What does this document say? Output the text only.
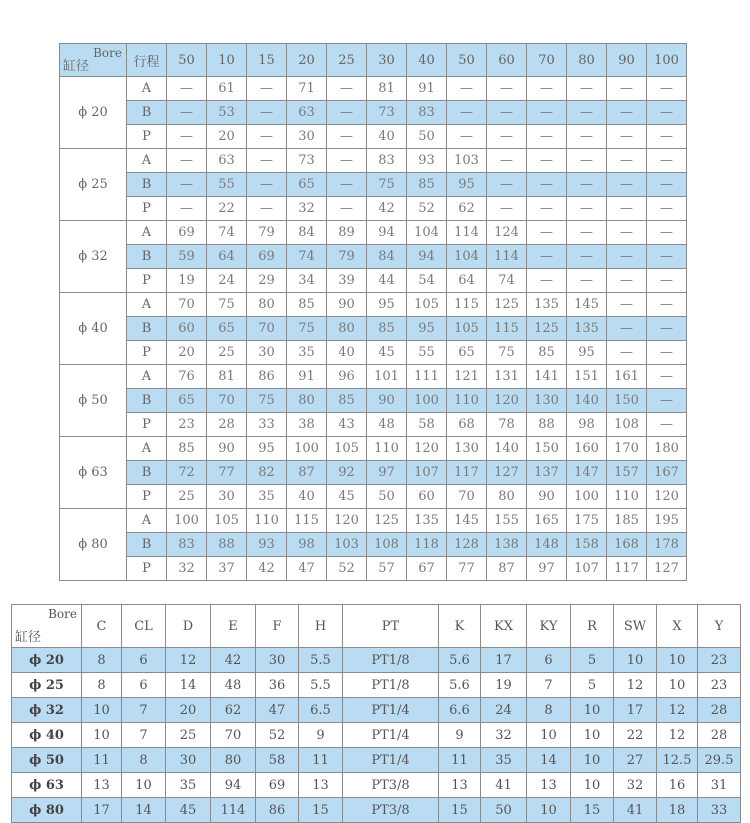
Bore
缸径	行程	50	10	15	20	25	30	40	50	60	70	80	90	100
ϕ 20	A	—	61	—	71	—	81	91	—	—	—	—	—	—
	B	—	53	—	63	—	73	83	—	—	—	—	—	—
	P	—	20	—	30	—	40	50	—	—	—	—	—	—
ϕ 25	A	—	63	—	73	—	83	93	103	—	—	—	—	—
	B	—	55	—	65	—	75	85	95	—	—	—	—	—
	P	—	22	—	32	—	42	52	62	—	—	—	—	—
ϕ 32	A	69	74	79	84	89	94	104	114	124	—	—	—	—
	B	59	64	69	74	79	84	94	104	114	—	—	—	—
	P	19	24	29	34	39	44	54	64	74	—	—	—	—
ϕ 40	A	70	75	80	85	90	95	105	115	125	135	145	—	—
	B	60	65	70	75	80	85	95	105	115	125	135	—	—
	P	20	25	30	35	40	45	55	65	75	85	95	—	—
ϕ 50	A	76	81	86	91	96	101	111	121	131	141	151	161	—
	B	65	70	75	80	85	90	100	110	120	130	140	150	—
	P	23	28	33	38	43	48	58	68	78	88	98	108	—
ϕ 63	A	85	90	95	100	105	110	120	130	140	150	160	170	180
	B	72	77	82	87	92	97	107	117	127	137	147	157	167
	P	25	30	35	40	45	50	60	70	80	90	100	110	120
ϕ 80	A	100	105	110	115	120	125	135	145	155	165	175	185	195
	B	83	88	93	98	103	108	118	128	138	148	158	168	178
	P	32	37	42	47	52	57	67	77	87	97	107	117	127
Bore
缸径	C	CL	D	E	F	H	PT	K	KX	KY	R	SW	X	Y
ϕ 20	8	6	12	42	30	5.5	PT1/8	5.6	17	6	5	10	10	23
ϕ 25	8	6	14	48	36	5.5	PT1/8	5.6	19	7	5	12	10	23
ϕ 32	10	7	20	62	47	6.5	PT1/4	6.6	24	8	10	17	12	28
ϕ 40	10	7	25	70	52	9	PT1/4	9	32	10	10	22	12	28
ϕ 50	11	8	30	80	58	11	PT1/4	11	35	14	10	27	12.5	29.5
ϕ 63	13	10	35	94	69	13	PT3/8	13	41	13	10	32	16	31
ϕ 80	17	14	45	114	86	15	PT3/8	15	50	10	15	41	18	33
